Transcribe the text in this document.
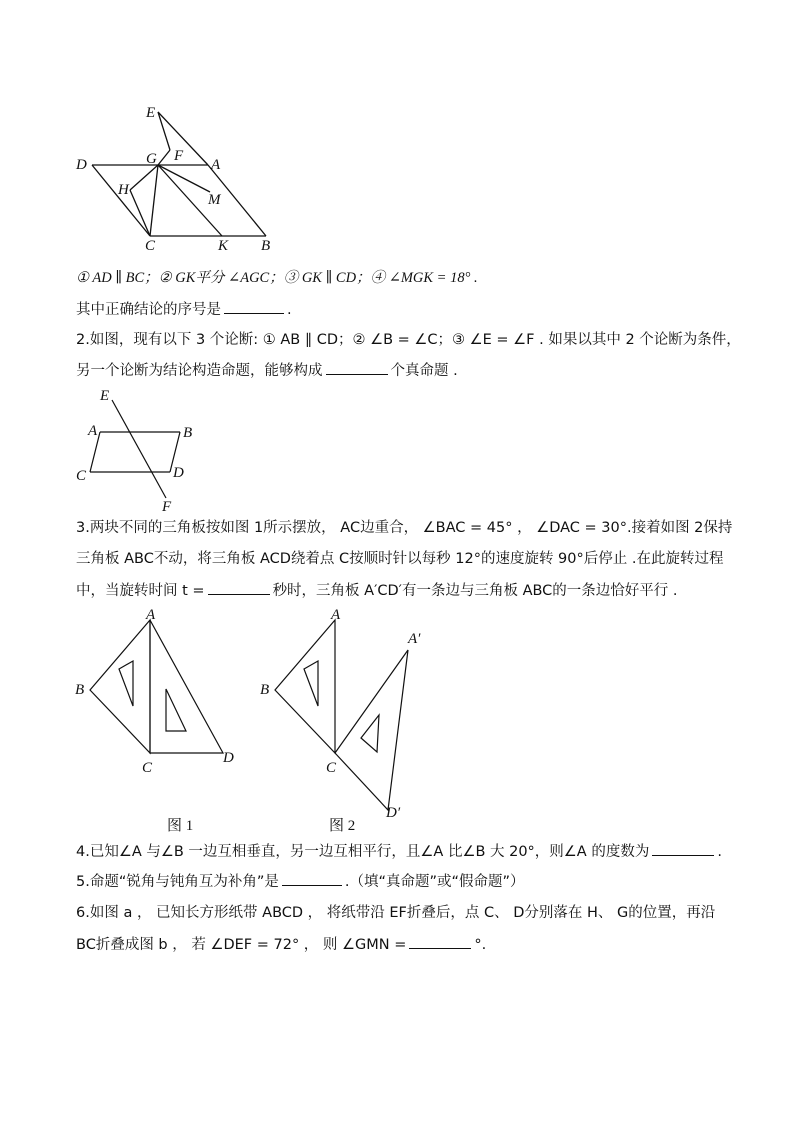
E
D	G F
A
H
M
C	K B
① AD ∥ BC；② GK平分 ∠AGC；③ GK ∥ CD；④ ∠MGK = 18° .
其中正确结论的序号是	.
2.如图，现有以下 3 个论断: ① AB ∥ CD；② ∠B = ∠C；③ ∠E = ∠F . 如果以其中 2 个论断为条件，
另一个论断为结论构造命题，能够构成	个真命题 .
E
A	B
C	D
F
3.两块不同的三角板按如图 1所示摆放， AC边重合， ∠BAC = 45° ， ∠DAC = 30°.接着如图 2保持
三角板 ABC不动，将三角板 ACD绕着点 C按顺时针以每秒 12°的速度旋转 90°后停止 .在此旋转过程
中，当旋转时间 t =	秒时，三角板 A′CD′有一条边与三角板 ABC的一条边恰好平行 .
A
B
C
D
A
A′
B
C
D′
图 1	图 2
4.已知∠A 与∠B 一边互相垂直，另一边互相平行，且∠A 比∠B 大 20°，则∠A 的度数为	.
5.命题“锐角与钝角互为补角”是	.（填“真命题”或“假命题”）
6.如图 a ， 已知长方形纸带 ABCD ， 将纸带沿 EF折叠后，点 C、 D分别落在 H、 G的位置，再沿
BC折叠成图 b ， 若 ∠DEF = 72° ， 则 ∠GMN =	°.
